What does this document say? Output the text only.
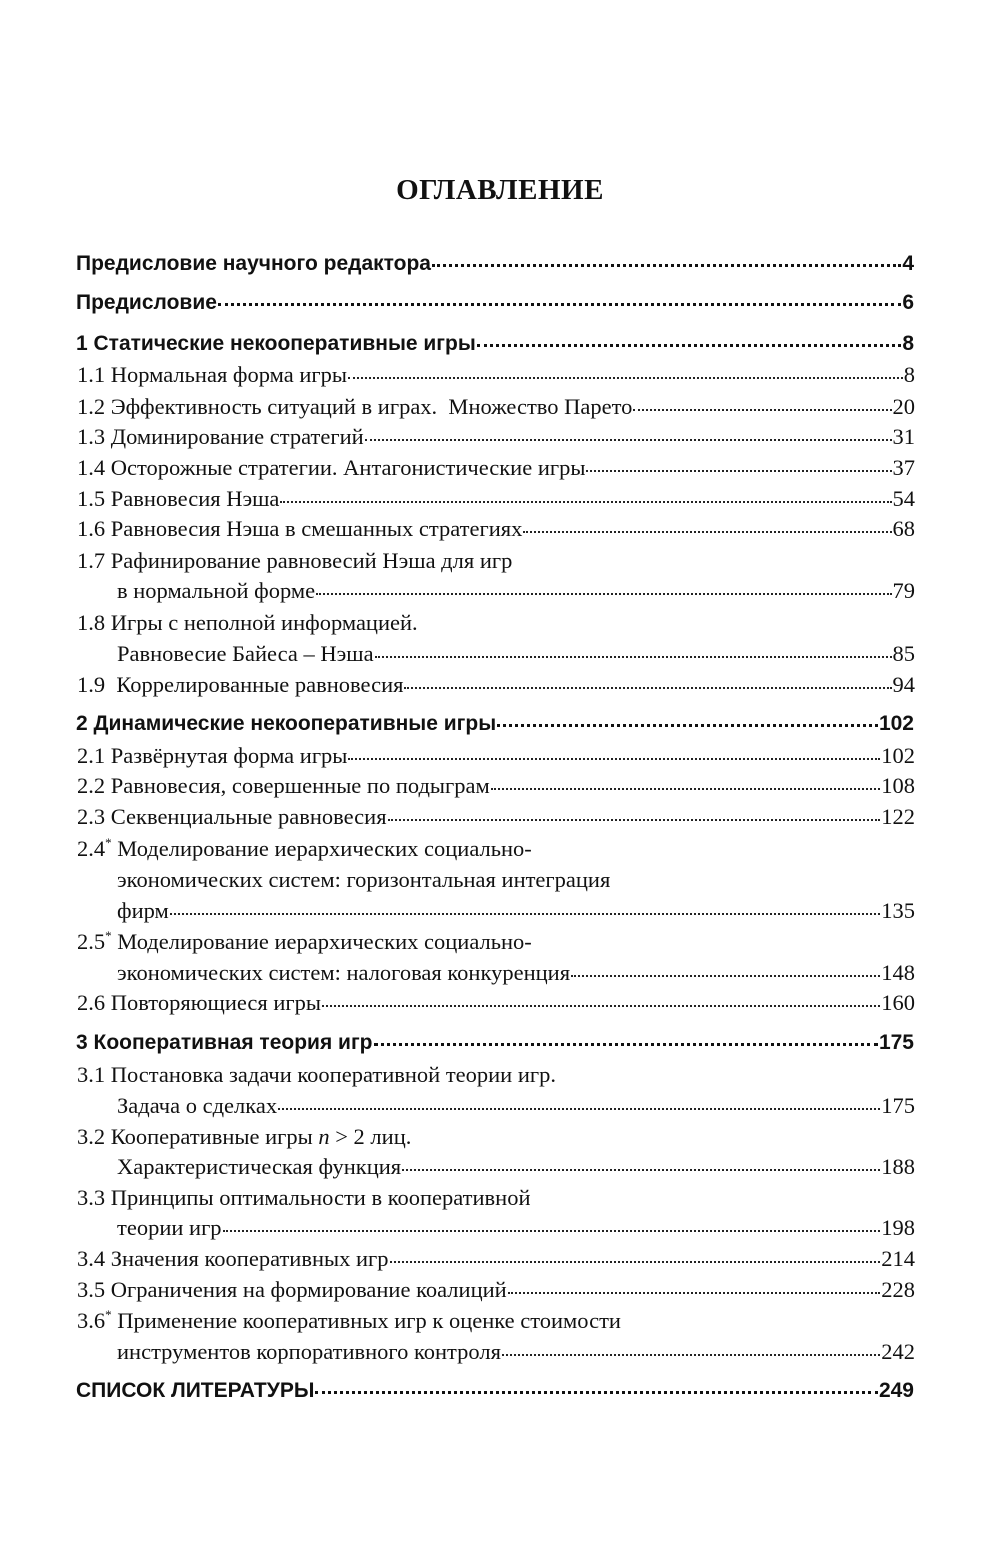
ОГЛАВЛЕНИЕ
Предисловие научного редактора	4
Предисловие	6
1 Статические некооперативные игры	8
1.1 Нормальная форма игры	8
1.2 Эффективность ситуаций в играх.  Множество Парето	20
1.3 Доминирование стратегий	31
1.4 Осторожные стратегии. Антагонистические игры	37
1.5 Равновесия Нэша	54
1.6 Равновесия Нэша в смешанных стратегиях	68
1.7 Рафинирование равновесий Нэша для игр
в нормальной форме	79
1.8 Игры с неполной информацией.
Равновесие Байеса – Нэша	85
1.9  Коррелированные равновесия	94
2 Динамические некооперативные игры	102
2.1 Развёрнутая форма игры	102
2.2 Равновесия, совершенные по подыграм	108
2.3 Секвенциальные равновесия	122
2.4* Моделирование иерархических социально-
экономических систем: горизонтальная интеграция
фирм	135
2.5* Моделирование иерархических социально-
экономических систем: налоговая конкуренция	148
2.6 Повторяющиеся игры	160
3 Кооперативная теория игр	175
3.1 Постановка задачи кооперативной теории игр.
Задача о сделках	175
3.2 Кооперативные игры n > 2 лиц.
Характеристическая функция	188
3.3 Принципы оптимальности в кооперативной
теории игр	198
3.4 Значения кооперативных игр	214
3.5 Ограничения на формирование коалиций	228
3.6* Применение кооперативных игр к оценке стоимости
инструментов корпоративного контроля	242
СПИСОК ЛИТЕРАТУРЫ	249
